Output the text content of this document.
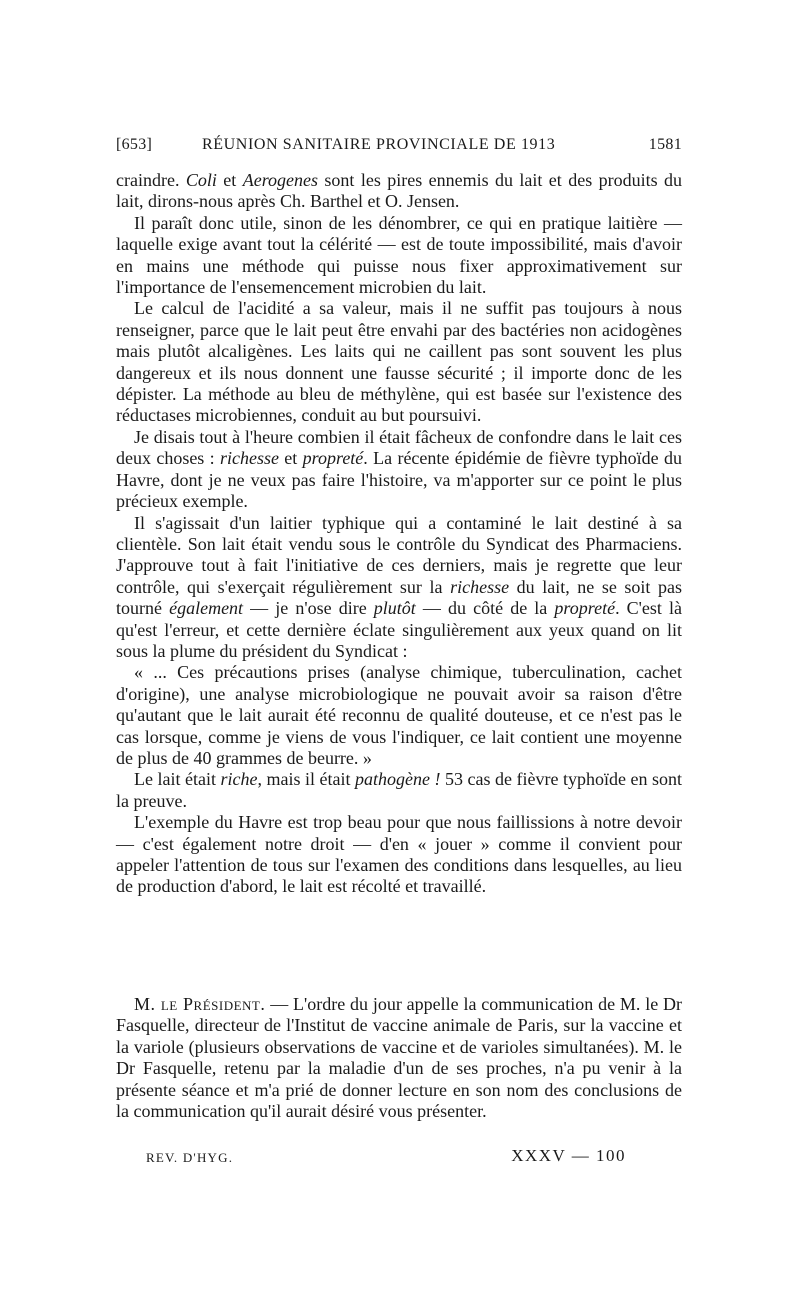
[653]	RÉUNION SANITAIRE PROVINCIALE DE 1913	1581

craindre. Coli et Aerogenes sont les pires ennemis du lait et des produits du lait, dirons-nous après Ch. Barthel et O. Jensen.

Il paraît donc utile, sinon de les dénombrer, ce qui en pratique laitière — laquelle exige avant tout la célérité — est de toute impossibilité, mais d'avoir en mains une méthode qui puisse nous fixer approximativement sur l'importance de l'ensemencement microbien du lait.

Le calcul de l'acidité a sa valeur, mais il ne suffit pas toujours à nous renseigner, parce que le lait peut être envahi par des bactéries non acidogènes mais plutôt alcaligènes. Les laits qui ne caillent pas sont souvent les plus dangereux et ils nous donnent une fausse sécurité ; il importe donc de les dépister. La méthode au bleu de méthylène, qui est basée sur l'existence des réductases microbiennes, conduit au but poursuivi.

Je disais tout à l'heure combien il était fâcheux de confondre dans le lait ces deux choses : richesse et propreté. La récente épidémie de fièvre typhoïde du Havre, dont je ne veux pas faire l'histoire, va m'apporter sur ce point le plus précieux exemple.

Il s'agissait d'un laitier typhique qui a contaminé le lait destiné à sa clientèle. Son lait était vendu sous le contrôle du Syndicat des Pharmaciens. J'approuve tout à fait l'initiative de ces derniers, mais je regrette que leur contrôle, qui s'exerçait régulièrement sur la richesse du lait, ne se soit pas tourné également — je n'ose dire plutôt — du côté de la propreté. C'est là qu'est l'erreur, et cette dernière éclate singulièrement aux yeux quand on lit sous la plume du président du Syndicat :

« ... Ces précautions prises (analyse chimique, tuberculination, cachet d'origine), une analyse microbiologique ne pouvait avoir sa raison d'être qu'autant que le lait aurait été reconnu de qualité douteuse, et ce n'est pas le cas lorsque, comme je viens de vous l'indiquer, ce lait contient une moyenne de plus de 40 grammes de beurre. »

Le lait était riche, mais il était pathogène ! 53 cas de fièvre typhoïde en sont la preuve.

L'exemple du Havre est trop beau pour que nous faillissions à notre devoir — c'est également notre droit — d'en « jouer » comme il convient pour appeler l'attention de tous sur l'examen des conditions dans lesquelles, au lieu de production d'abord, le lait est récolté et travaillé.

M. le Président. — L'ordre du jour appelle la communication de M. le Dr Fasquelle, directeur de l'Institut de vaccine animale de Paris, sur la vaccine et la variole (plusieurs observations de vaccine et de varioles simultanées). M. le Dr Fasquelle, retenu par la maladie d'un de ses proches, n'a pu venir à la présente séance et m'a prié de donner lecture en son nom des conclusions de la communication qu'il aurait désiré vous présenter.

REV. D'HYG.	XXXV — 100
